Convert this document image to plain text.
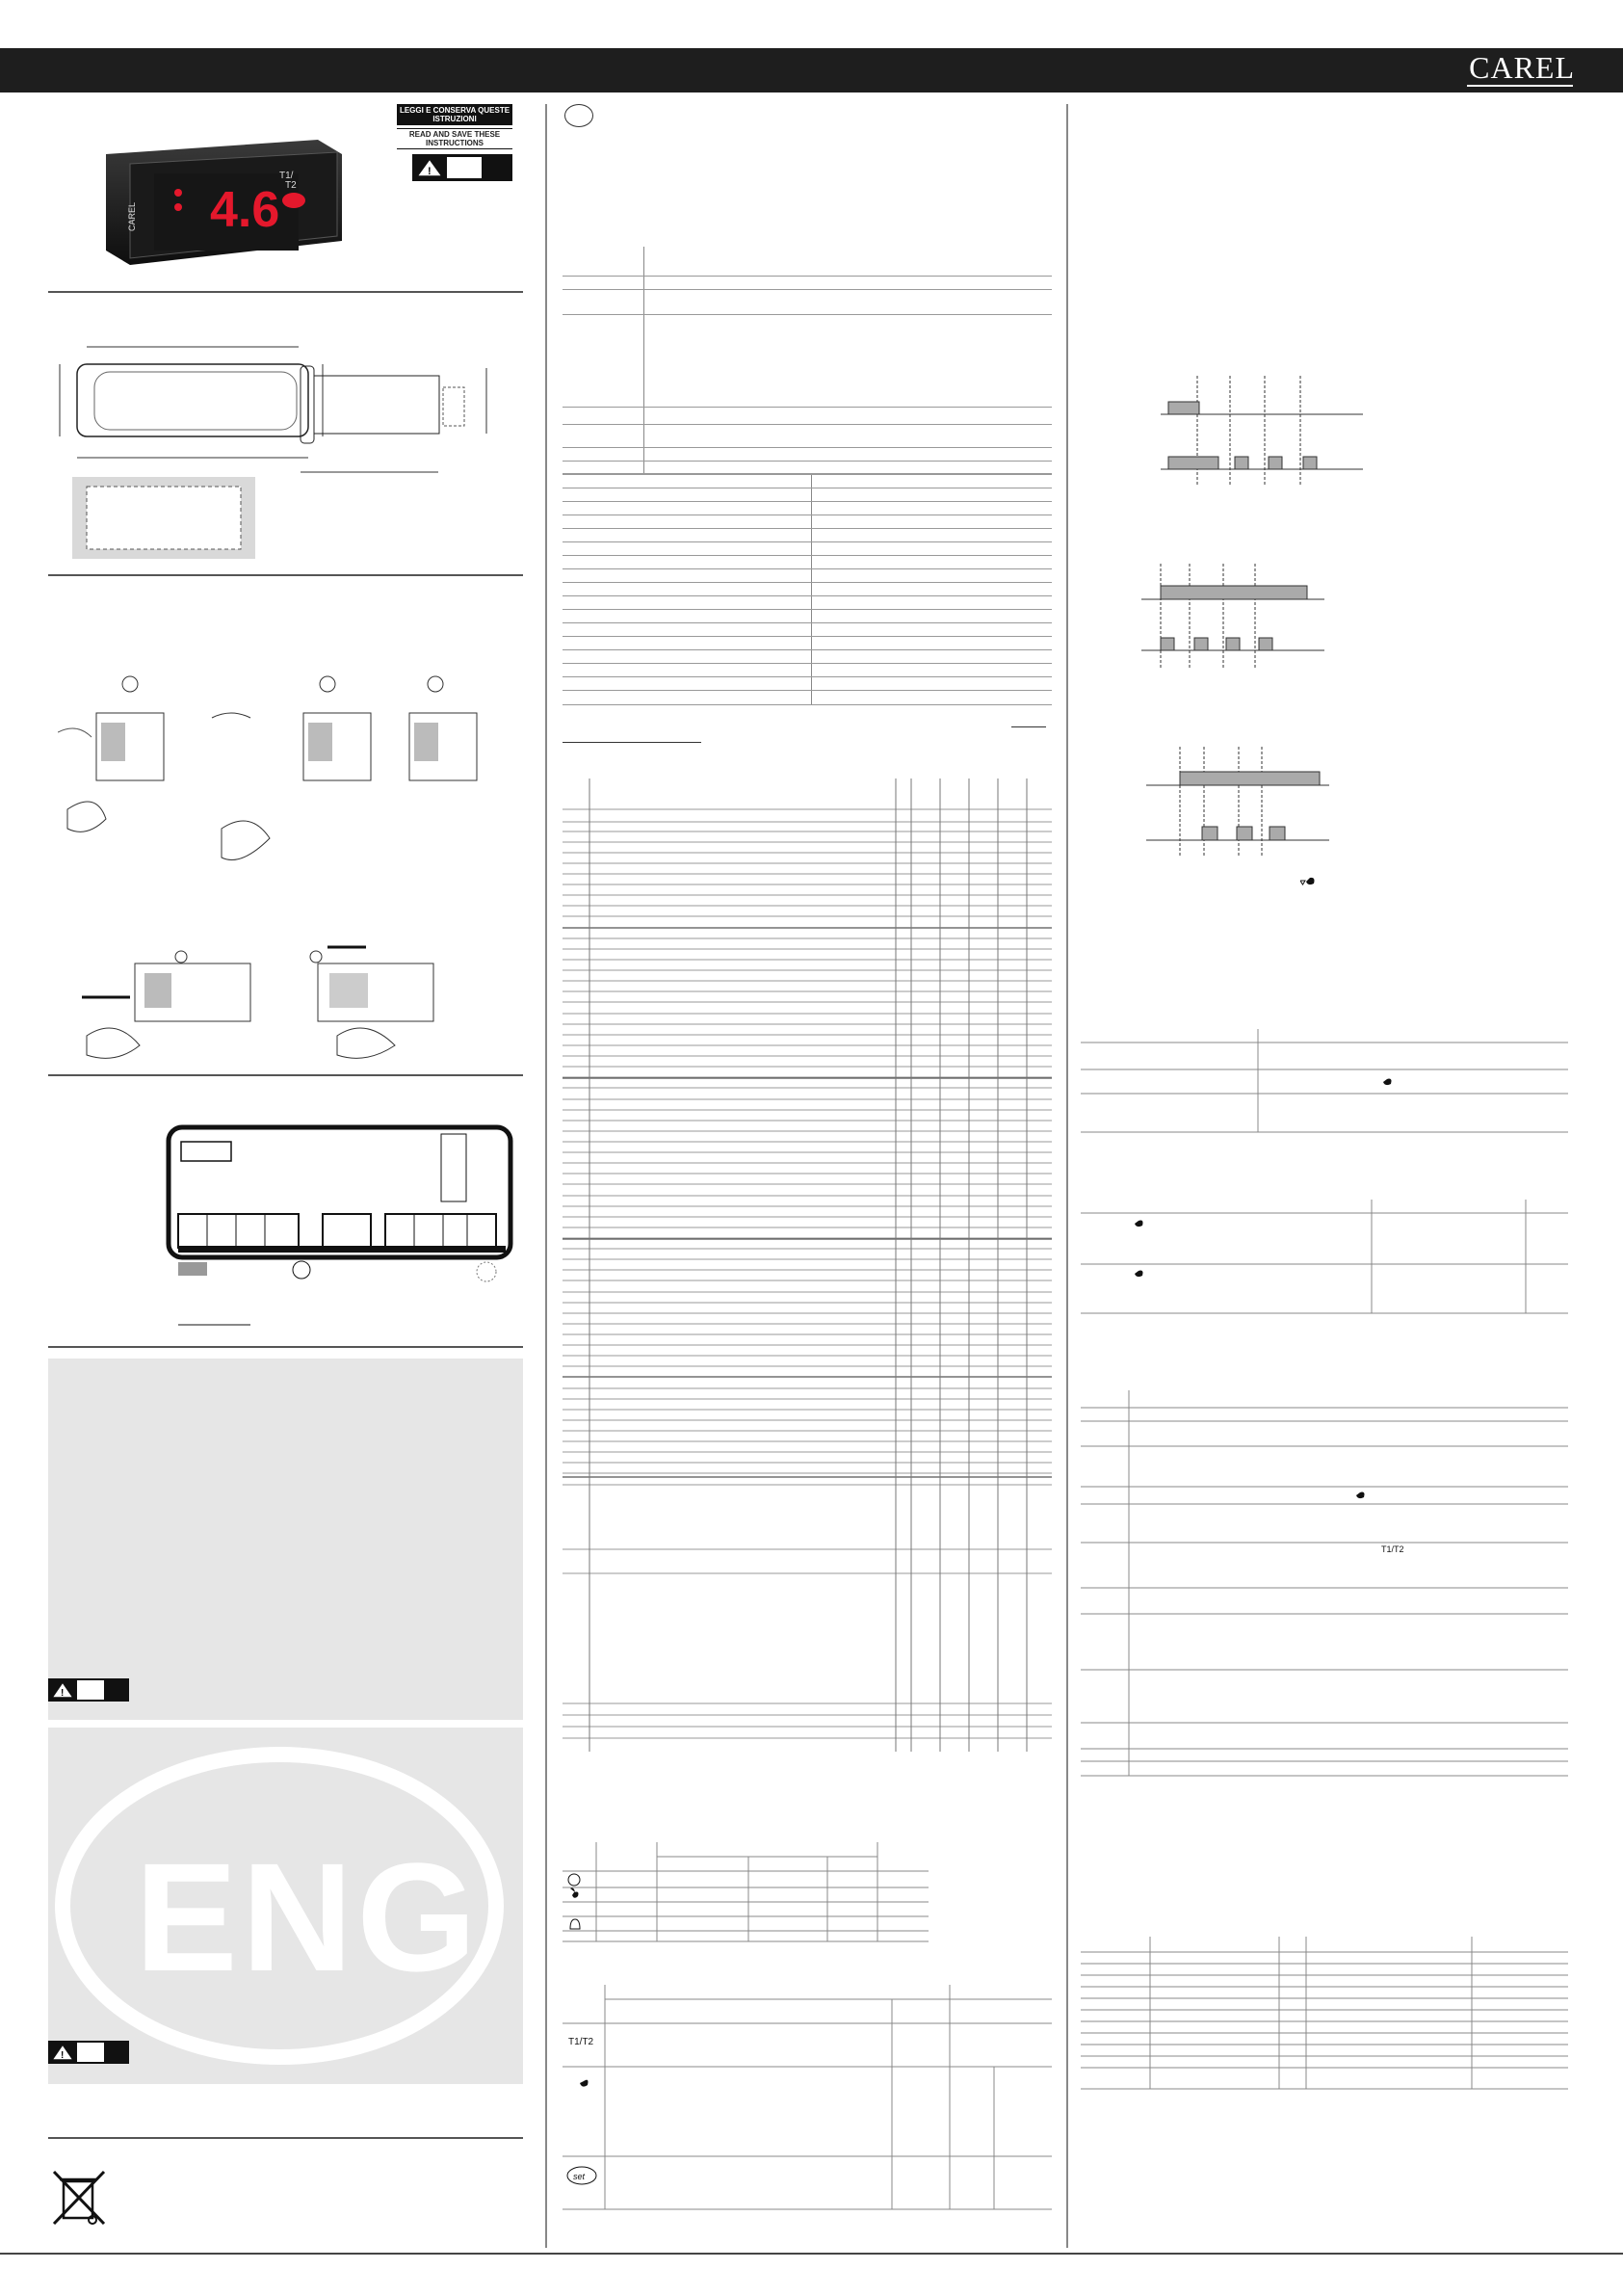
CAREL
4.6
CAREL
T1/
T2
LEGGI E CONSERVA QUESTE ISTRUZIONI
READ AND SAVE THESE INSTRUCTIONS
!
!
ENG
!
T1/T2
set
T1/T2
